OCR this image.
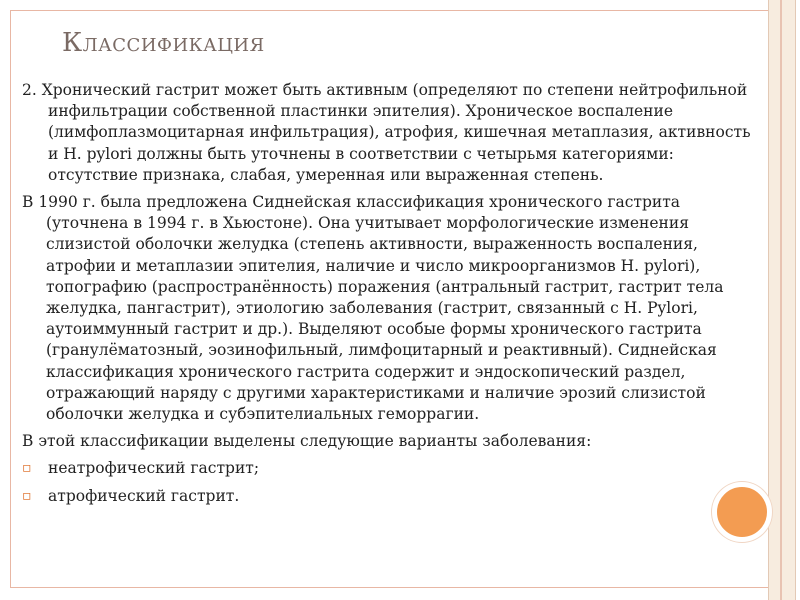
Классификация

2. Хронический гастрит может быть активным (определяют по степени нейтрофильной инфильтрации собственной пластинки эпителия). Хроническое воспаление (лимфоплазмоцитарная инфильтрация), атрофия, кишечная метаплазия, активность и H. pylori должны быть уточнены в соответствии с четырьмя категориями: отсутствие признака, слабая, умеренная или выраженная степень.

В 1990 г. была предложена Сиднейская классификация хронического гастрита (уточнена в 1994 г. в Хьюстоне). Она учитывает морфологические изменения слизистой оболочки желудка (степень активности, выраженность воспаления, атрофии и метаплазии эпителия, наличие и число микроорганизмов H. pylori), топографию (распространённость) поражения (антральный гастрит, гастрит тела желудка, пангастрит), этиологию заболевания (гастрит, связанный с H. Pylori, аутоиммунный гастрит и др.). Выделяют особые формы хронического гастрита (гранулёматозный, эозинофильный, лимфоцитарный и реактивный). Сиднейская классификация хронического гастрита содержит и эндоскопический раздел, отражающий наряду с другими характеристиками и наличие эрозий слизистой оболочки желудка и субэпителиальных геморрагии.

В этой классификации выделены следующие варианты заболевания:

▫ неатрофический гастрит;
▫ атрофический гастрит.
